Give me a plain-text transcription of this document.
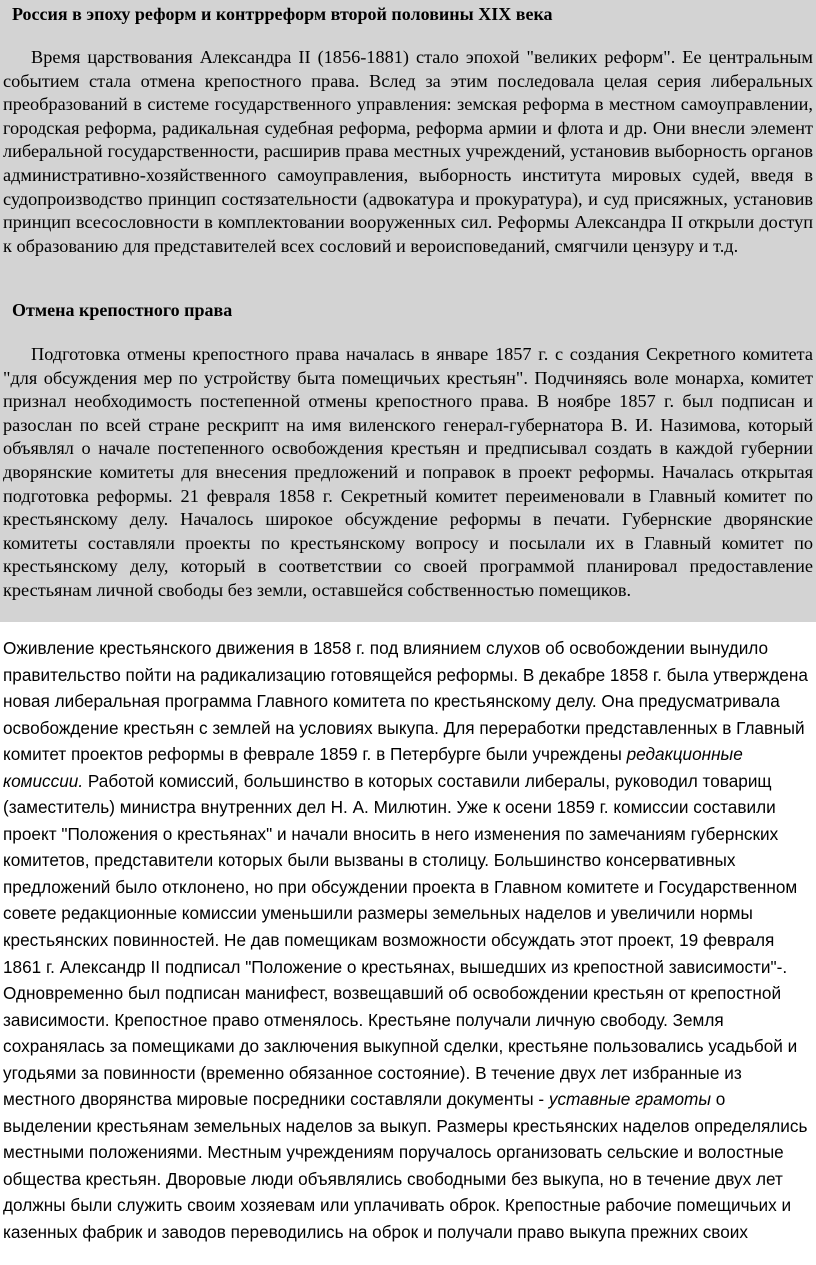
Россия в эпоху реформ и контрреформ второй половины XIX века

Время царствования Александра II (1856-1881) стало эпохой "великих реформ". Ее центральным событием стала отмена крепостного права. Вслед за этим последовала целая серия либеральных преобразований в системе государственного управления: земская реформа в местном самоуправлении, городская реформа, радикальная судебная реформа, реформа армии и флота и др. Они внесли элемент либеральной государственности, расширив права местных учреждений, установив выборность органов административно-хозяйственного самоуправления, выборность института мировых судей, введя в судопроизводство принцип состязательности (адвокатура и прокуратура), и суд присяжных, установив принцип всесословности в комплектовании вооруженных сил. Реформы Александра II открыли доступ к образованию для представителей всех сословий и вероисповеданий, смягчили цензуру и т.д.

Отмена крепостного права

Подготовка отмены крепостного права началась в январе 1857 г. с создания Секретного комитета "для обсуждения мер по устройству быта помещичьих крестьян". Подчиняясь воле монарха, комитет признал необходимость постепенной отмены крепостного права. В ноябре 1857 г. был подписан и разослан по всей стране рескрипт на имя виленского генерал-губернатора В. И. Назимова, который объявлял о начале постепенного освобождения крестьян и предписывал создать в каждой губернии дворянские комитеты для внесения предложений и поправок в проект реформы. Началась открытая подготовка реформы. 21 февраля 1858 г. Секретный комитет переименовали в Главный комитет по крестьянскому делу. Началось широкое обсуждение реформы в печати. Губернские дворянские комитеты составляли проекты по крестьянскому вопросу и посылали их в Главный комитет по крестьянскому делу, который в соответствии со своей программой планировал предоставление крестьянам личной свободы без земли, оставшейся собственностью помещиков.

Оживление крестьянского движения в 1858 г. под влиянием слухов об освобождении вынудило правительство пойти на радикализацию готовящейся реформы. В декабре 1858 г. была утверждена новая либеральная программа Главного комитета по крестьянскому делу. Она предусматривала освобождение крестьян с землей на условиях выкупа. Для переработки представленных в Главный комитет проектов реформы в феврале 1859 г. в Петербурге были учреждены редакционные комиссии. Работой комиссий, большинство в которых составили либералы, руководил товарищ (заместитель) министра внутренних дел Н. А. Милютин. Уже к осени 1859 г. комиссии составили проект "Положения о крестьянах" и начали вносить в него изменения по замечаниям губернских комитетов, представители которых были вызваны в столицу. Большинство консервативных предложений было отклонено, но при обсуждении проекта в Главном комитете и Государственном совете редакционные комиссии уменьшили размеры земельных наделов и увеличили нормы крестьянских повинностей. Не дав помещикам возможности обсуждать этот проект, 19 февраля 1861 г. Александр II подписал "Положение о крестьянах, вышедших из крепостной зависимости"-. Одновременно был подписан манифест, возвещавший об освобождении крестьян от крепостной зависимости. Крепостное право отменялось. Крестьяне получали личную свободу. Земля сохранялась за помещиками до заключения выкупной сделки, крестьяне пользовались усадьбой и угодьями за повинности (временно обязанное состояние). В течение двух лет избранные из местного дворянства мировые посредники составляли документы - уставные грамоты о выделении крестьянам земельных наделов за выкуп. Размеры крестьянских наделов определялись местными положениями. Местным учреждениям поручалось организовать сельские и волостные общества крестьян. Дворовые люди объявлялись свободными без выкупа, но в течение двух лет должны были служить своим хозяевам или уплачивать оброк. Крепостные рабочие помещичьих и казенных фабрик и заводов переводились на оброк и получали право выкупа прежних своих
